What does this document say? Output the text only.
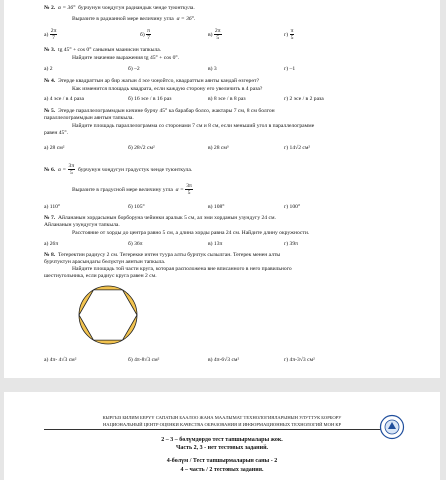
№ 2. α = 36° бурчунун чоңдугун радиандык ченде туюнткула.
Выразите в радианной мере величину угла α = 36°.
$а) \frac{2\pi}{7}$	$б) \frac{\pi}{7}$	$в) \frac{2\pi}{5}$	$г) \frac{\pi}{5}$
№ 3. tg 45° + cos 0° санынын маанисин тапкыла.
Найдите значение выражения tg 45° + cos 0°.
а) 2	б) –2	в) 3	г) –1
№ 4. Эгерде квадраттын ар бир жагын 4 эсе чоңойтсо, квадраттын аянты кандай өзгөрөт?
Как изменится площадь квадрата, если каждую сторону его увеличить в 4 раза?
а) 4 эсе / в 4 раза	б) 16 эсе / в 16 раз	в) 8 эсе / в 8 раз	г) 2 эсе / в 2 раза
№ 5. Эгерде параллелограммдын кичине бурчу 45° ка барабар болсо, жактары 7 см, 8 см болгон
параллелограммдын аянтын тапкыла.
Найдите площадь параллелограмма со сторонами 7 см и 8 см, если меньший угол в параллелограмме
равен 45°.
а) 28 см²	б) 28√2 см²	в) 28 см³	г) 14√2 см²
№ 6. $\alpha = \frac{3\pi}{5}$ бурчунун чоңдугун градустук ченде туюнткула.
Выразите в градусной мере величину угла $\alpha = \frac{3\pi}{5}$
а) 110°	б) 105°	в) 108°	г) 100°
№ 7. Айлананын хордасынын борборуна чейинки аралык 5 см, ал эми хорданын узундугу 24 см.
Айлананын узундугун тапкыла.
Расстояние от хорды до центра равно 5 см, а длина хорды равна 24 см. Найдите длину окружности.
а) 26π	б) 36π	в) 13π	г) 39π
№ 8. Тегеректин радиусу 2 см. Тегерекке ичтен туура алты бурчтук сызылган. Тегерек менен алты
бурчтуктун арасындагы бөлүктүн аянтын тапкыла.
Найдите площадь той части круга, которая расположена вне вписанного в него правильного
шестиугольника, если радиус круга равен 2 см.
а) 4π- 4√3 см²	б) 4π-8√3 см²	в) 4π-6√3 см²	г) 4π-3√3 см²
КЫРГЫЗ БИЛИМ БЕРҮҮ САПАТЫН БААЛОО ЖАНА МААЛЫМАТ ТЕХНОЛОГИЯЛАРЫНЫН УЛУТТУК БОРБОРУ
НАЦИОНАЛЬНЫЙ ЦЕНТР ОЦЕНКИ КАЧЕСТВА ОБРАЗОВАНИЯ И ИНФОРМАЦИОННЫХ ТЕХНОЛОГИЙ МОН КР
2 – 3 – бөлүмдөрдө тест тапшырмалары жок.
Часть 2, 3 - нет тестовых заданий.
4-бөлүм / Тест тапшырмаларын саны - 2
4 – часть / 2 тестовых задания.
